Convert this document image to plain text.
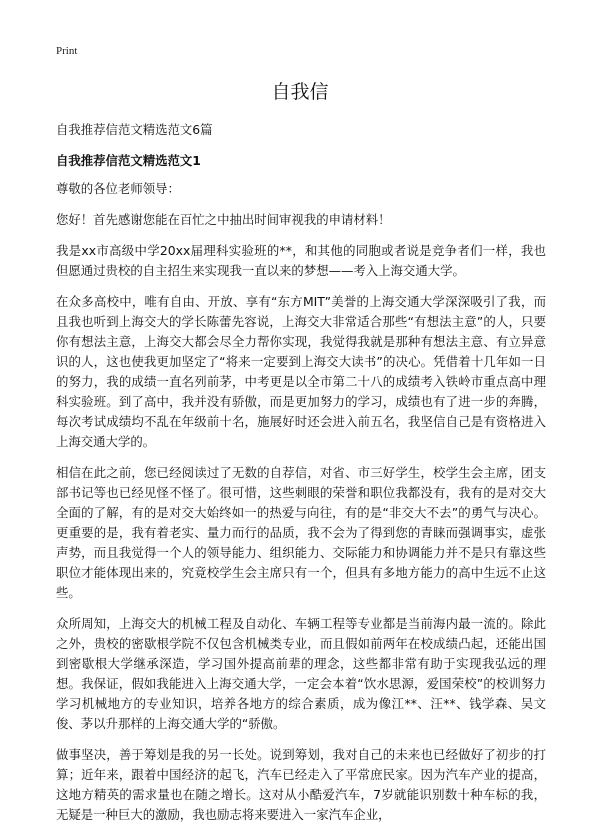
Print
自我信

自我推荐信范文精选范文6篇

自我推荐信范文精选范文1

尊敬的各位老师领导：

您好！首先感谢您能在百忙之中抽出时间审视我的申请材料！

我是xx市高级中学20xx届理科实验班的**，和其他的同胞或者说是竞争者们一样，我也但愿通过贵校的自主招生来实现我一直以来的梦想——考入上海交通大学。

在众多高校中，唯有自由、开放、享有“东方MIT”美誉的上海交通大学深深吸引了我，而且我也听到上海交大的学长陈蕾先容说，上海交大非常适合那些“有想法主意”的人，只要你有想法主意，上海交大都会尽全力帮你实现，我觉得我就是那种有想法主意、有立异意识的人，这也使我更加坚定了“将来一定要到上海交大读书”的决心。凭借着十几年如一日的努力，我的成绩一直名列前茅，中考更是以全市第二十八的成绩考入铁岭市重点高中理科实验班。到了高中，我并没有骄傲，而是更加努力的学习，成绩也有了进一步的奔腾，每次考试成绩均不乱在年级前十名，施展好时还会进入前五名，我坚信自己是有资格进入上海交通大学的。

相信在此之前，您已经阅读过了无数的自荐信，对省、市三好学生，校学生会主席，团支部书记等也已经见怪不怪了。很可惜，这些刺眼的荣誉和职位我都没有，我有的是对交大全面的了解，有的是对交大始终如一的热爱与向往，有的是“非交大不去”的勇气与决心。更重要的是，我有着老实、量力而行的品质，我不会为了得到您的青睐而强调事实，虚张声势，而且我觉得一个人的领导能力、组织能力、交际能力和协调能力并不是只有靠这些职位才能体现出来的，究竟校学生会主席只有一个，但具有多地方能力的高中生远不止这些。

众所周知，上海交大的机械工程及自动化、车辆工程等专业都是当前海内最一流的。除此之外，贵校的密歇根学院不仅包含机械类专业，而且假如前两年在校成绩凸起，还能出国到密歇根大学继承深造，学习国外提高前辈的理念，这些都非常有助于实现我弘远的理想。我保证，假如我能进入上海交通大学，一定会本着“饮水思源，爱国荣校”的校训努力学习机械地方的专业知识，培养各地方的综合素质，成为像江**、汪**、钱学森、吴文俊、茅以升那样的上海交通大学的“骄傲。

做事坚决，善于筹划是我的另一长处。说到筹划，我对自己的未来也已经做好了初步的打算；近年来，跟着中国经济的起飞，汽车已经走入了平常庶民家。因为汽车产业的提高，这地方精英的需求量也在随之增长。这对从小酷爱汽车，7岁就能识别数十种车标的我，无疑是一种巨大的激励，我也励志将来要进入一家汽车企业，
